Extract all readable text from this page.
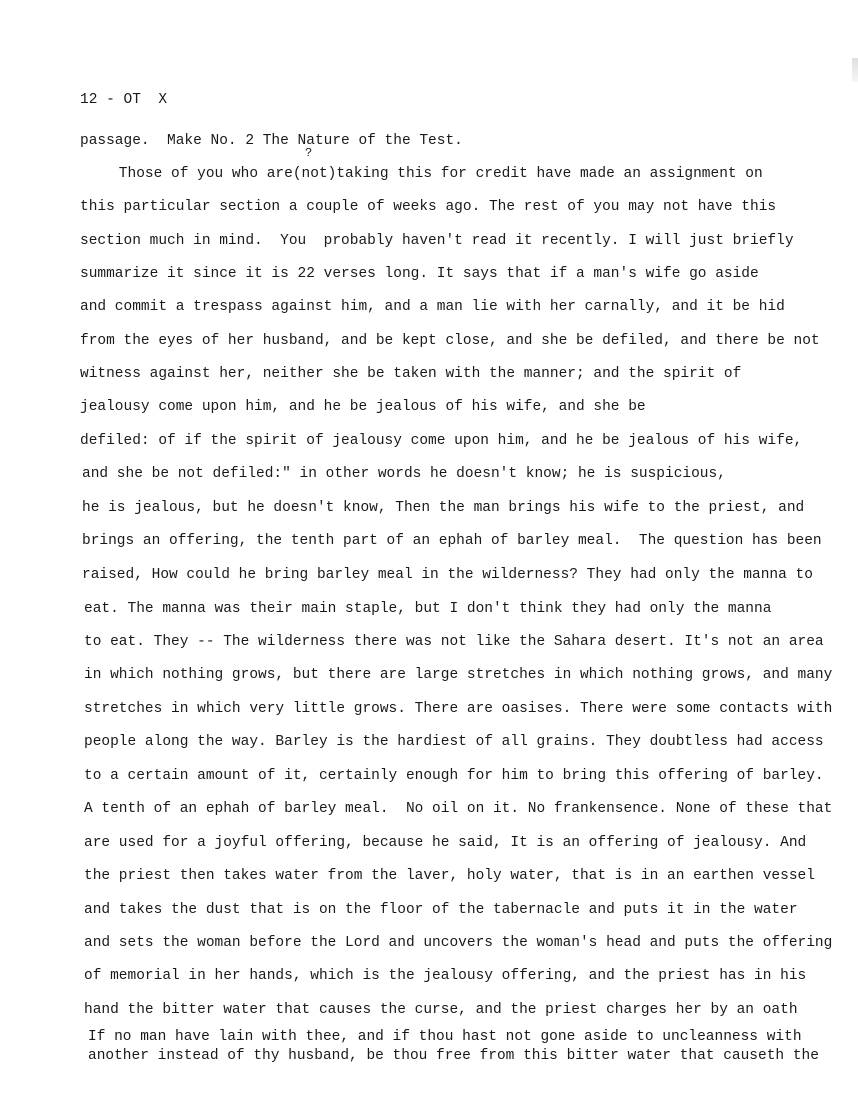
12 - OT  X
?
passage.  Make No. 2 The Nature of the Test.
Those of you who are(not)taking this for credit have made an assignment on
this particular section a couple of weeks ago. The rest of you may not have this
section much in mind.  You  probably haven't read it recently. I will just briefly
summarize it since it is 22 verses long. It says that if a man's wife go aside
and commit a trespass against him, and a man lie with her carnally, and it be hid
from the eyes of her husband, and be kept close, and she be defiled, and there be not
witness against her, neither she be taken with the manner; and the spirit of
jealousy come upon him, and he be jealous of his wife, and she be
defiled: of if the spirit of jealousy come upon him, and he be jealous of his wife,
and she be not defiled:" in other words he doesn't know; he is suspicious,
he is jealous, but he doesn't know, Then the man brings his wife to the priest, and
brings an offering, the tenth part of an ephah of barley meal.  The question has been
raised, How could he bring barley meal in the wilderness? They had only the manna to
eat. The manna was their main staple, but I don't think they had only the manna
to eat. They -- The wilderness there was not like the Sahara desert. It's not an area
in which nothing grows, but there are large stretches in which nothing grows, and many
stretches in which very little grows. There are oasises. There were some contacts with
people along the way. Barley is the hardiest of all grains. They doubtless had access
to a certain amount of it, certainly enough for him to bring this offering of barley.
A tenth of an ephah of barley meal.  No oil on it. No frankensence. None of these that
are used for a joyful offering, because he said, It is an offering of jealousy. And
the priest then takes water from the laver, holy water, that is in an earthen vessel
and takes the dust that is on the floor of the tabernacle and puts it in the water
and sets the woman before the Lord and uncovers the woman's head and puts the offering
of memorial in her hands, which is the jealousy offering, and the priest has in his
hand the bitter water that causes the curse, and the priest charges her by an oath
If no man have lain with thee, and if thou hast not gone aside to uncleanness with
another instead of thy husband, be thou free from this bitter water that causeth the
